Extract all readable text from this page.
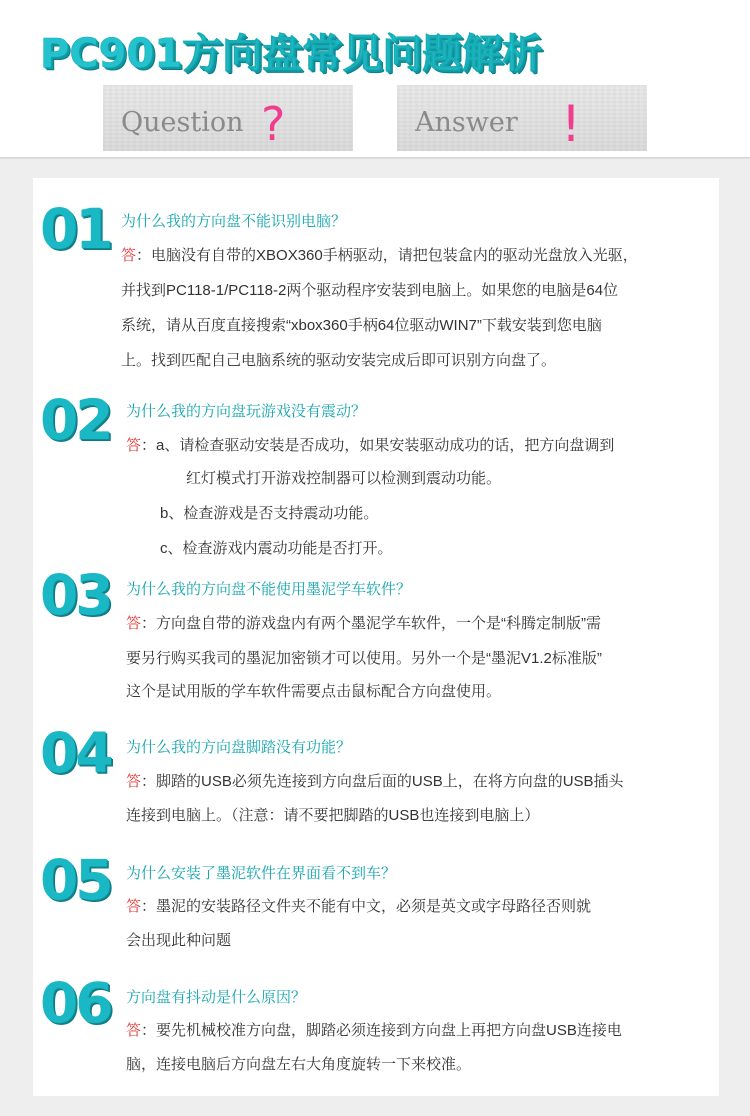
PC901方向盘常见问题解析
Question ?	Answer !
01 为什么我的方向盘不能识别电脑？
答：电脑没有自带的XBOX360手柄驱动，请把包装盒内的驱动光盘放入光驱，
并找到PC118-1/PC118-2两个驱动程序安装到电脑上。如果您的电脑是64位
系统，请从百度直接搜索“xbox360手柄64位驱动WIN7”下载安装到您电脑
上。找到匹配自己电脑系统的驱动安装完成后即可识别方向盘了。
02 为什么我的方向盘玩游戏没有震动？
答：a、请检查驱动安装是否成功，如果安装驱动成功的话，把方向盘调到
红灯模式打开游戏控制器可以检测到震动功能。
b、检查游戏是否支持震动功能。
c、检查游戏内震动功能是否打开。
03 为什么我的方向盘不能使用墨泥学车软件？
答：方向盘自带的游戏盘内有两个墨泥学车软件，一个是“科腾定制版”需
要另行购买我司的墨泥加密锁才可以使用。另外一个是“墨泥V1.2标准版”
这个是试用版的学车软件需要点击鼠标配合方向盘使用。
04 为什么我的方向盘脚踏没有功能？
答：脚踏的USB必须先连接到方向盘后面的USB上，在将方向盘的USB插头
连接到电脑上。（注意：请不要把脚踏的USB也连接到电脑上）
05 为什么安装了墨泥软件在界面看不到车？
答：墨泥的安装路径文件夹不能有中文，必须是英文或字母路径否则就
会出现此种问题
06 方向盘有抖动是什么原因？
答：要先机械校准方向盘，脚踏必须连接到方向盘上再把方向盘USB连接电
脑，连接电脑后方向盘左右大角度旋转一下来校准。
